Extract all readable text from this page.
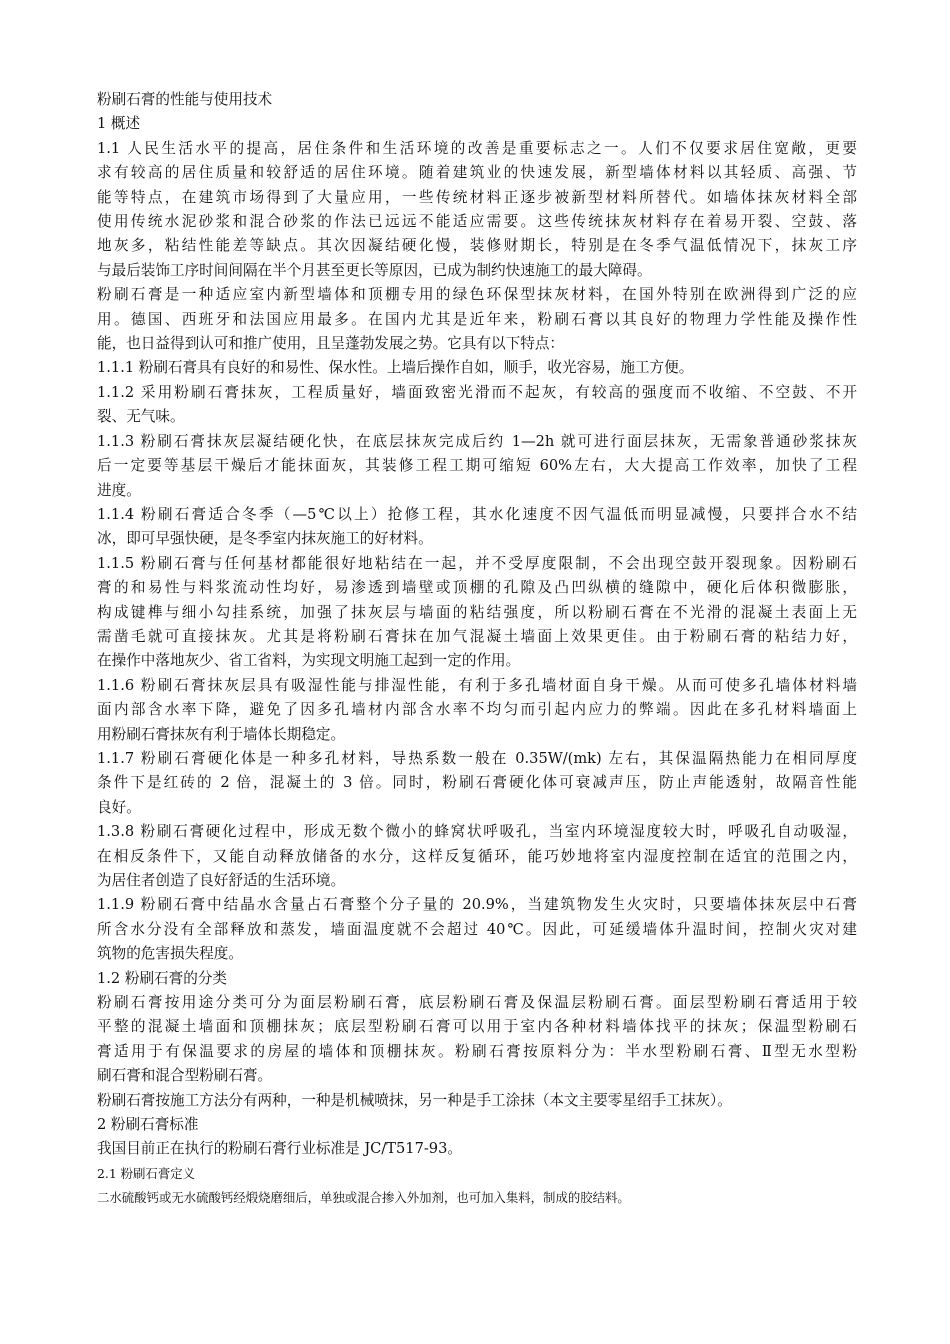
粉刷石膏的性能与使用技术

1 概述

1.1 人民生活水平的提高，居住条件和生活环境的改善是重要标志之一。人们不仅要求居住宽敞，更要

求有较高的居住质量和较舒适的居住环境。随着建筑业的快速发展，新型墙体材料以其轻质、高强、节

能等特点，在建筑市场得到了大量应用，一些传统材料正逐步被新型材料所替代。如墙体抹灰材料全部

使用传统水泥砂浆和混合砂浆的作法已远远不能适应需要。这些传统抹灰材料存在着易开裂、空鼓、落

地灰多，粘结性能差等缺点。其次因凝结硬化慢，装修财期长，特别是在冬季气温低情况下，抹灰工序

与最后装饰工序时间间隔在半个月甚至更长等原因，已成为制约快速施工的最大障碍。

粉刷石膏是一种适应室内新型墙体和顶棚专用的绿色环保型抹灰材料，在国外特别在欧洲得到广泛的应

用。德国、西班牙和法国应用最多。在国内尤其是近年来，粉刷石膏以其良好的物理力学性能及操作性

能，也日益得到认可和推广使用，且呈蓬勃发展之势。它具有以下特点：

1.1.1 粉刷石膏具有良好的和易性、保水性。上墙后操作自如，顺手，收光容易，施工方便。

1.1.2 采用粉刷石膏抹灰，工程质量好，墙面致密光滑而不起灰，有较高的强度而不收缩、不空鼓、不开

裂、无气味。

1.1.3 粉刷石膏抹灰层凝结硬化快，在底层抹灰完成后约 1—2h 就可进行面层抹灰，无需象普通砂浆抹灰

后一定要等基层干燥后才能抹面灰，其装修工程工期可缩短 60%左右，大大提高工作效率，加快了工程

进度。

1.1.4 粉刷石膏适合冬季（—5℃以上）抢修工程，其水化速度不因气温低而明显减慢，只要拌合水不结

冰，即可早强快硬，是冬季室内抹灰施工的好材料。

1.1.5 粉刷石膏与任何基材都能很好地粘结在一起，并不受厚度限制，不会出现空鼓开裂现象。因粉刷石

膏的和易性与料浆流动性均好，易渗透到墙壁或顶棚的孔隙及凸凹纵横的缝隙中，硬化后体积微膨胀，

构成键榫与细小勾挂系统，加强了抹灰层与墙面的粘结强度，所以粉刷石膏在不光滑的混凝土表面上无

需凿毛就可直接抹灰。尤其是将粉刷石膏抹在加气混凝土墙面上效果更佳。由于粉刷石膏的粘结力好，

在操作中落地灰少、省工省料，为实现文明施工起到一定的作用。

1.1.6 粉刷石膏抹灰层具有吸湿性能与排湿性能，有利于多孔墙材面自身干燥。从而可使多孔墙体材料墙

面内部含水率下降，避免了因多孔墙材内部含水率不均匀而引起内应力的弊端。因此在多孔材料墙面上

用粉刷石膏抹灰有利于墙体长期稳定。

1.1.7 粉刷石膏硬化体是一种多孔材料，导热系数一般在 0.35W/(mk) 左右，其保温隔热能力在相同厚度

条件下是红砖的 2 倍，混凝土的 3 倍。同时，粉刷石膏硬化体可衰减声压，防止声能透射，故隔音性能

良好。

1.3.8 粉刷石膏硬化过程中，形成无数个微小的蜂窝状呼吸孔，当室内环境湿度较大时，呼吸孔自动吸湿，

在相反条件下，又能自动释放储备的水分，这样反复循环，能巧妙地将室内湿度控制在适宜的范围之内，

为居住者创造了良好舒适的生活环境。

1.1.9 粉刷石膏中结晶水含量占石膏整个分子量的 20.9%，当建筑物发生火灾时，只要墙体抹灰层中石膏

所含水分没有全部释放和蒸发，墙面温度就不会超过 40℃。因此，可延缓墙体升温时间，控制火灾对建

筑物的危害损失程度。

1.2 粉刷石膏的分类

粉刷石膏按用途分类可分为面层粉刷石膏，底层粉刷石膏及保温层粉刷石膏。面层型粉刷石膏适用于较

平整的混凝土墙面和顶棚抹灰；底层型粉刷石膏可以用于室内各种材料墙体找平的抹灰；保温型粉刷石

膏适用于有保温要求的房屋的墙体和顶棚抹灰。粉刷石膏按原料分为：半水型粉刷石膏、Ⅱ型无水型粉

刷石膏和混合型粉刷石膏。

粉刷石膏按施工方法分有两种，一种是机械喷抹，另一种是手工涂抹（本文主要零星绍手工抹灰）。

2 粉刷石膏标准

我国目前正在执行的粉刷石膏行业标准是 JC/T517-93。

2.1 粉刷石膏定义

二水硫酸钙或无水硫酸钙经煅烧磨细后，单独或混合掺入外加剂，也可加入集料，制成的胶结料。
